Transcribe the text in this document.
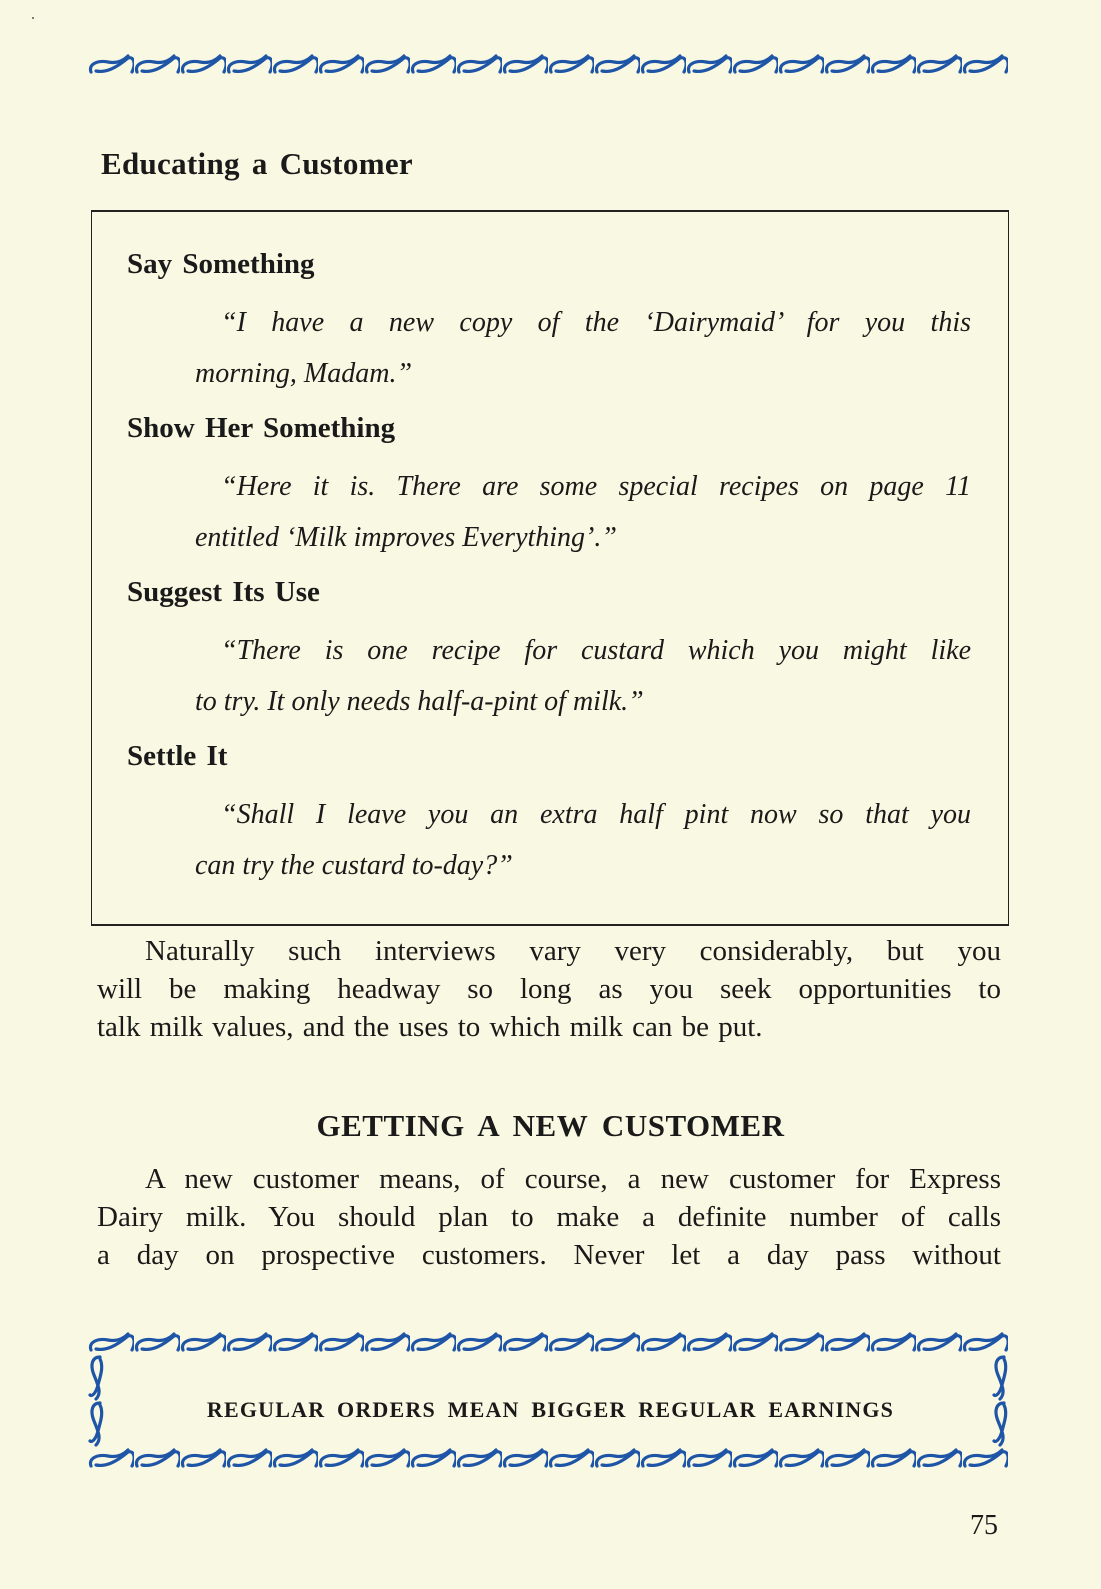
Educating a Customer
Say Something
“I have a new copy of the ‘Dairymaid’ for you this
morning, Madam.”
Show Her Something
“Here it is. There are some special recipes on page 11
entitled ‘Milk improves Everything’.”
Suggest Its Use
“There is one recipe for custard which you might like
to try. It only needs half-a-pint of milk.”
Settle It
“Shall I leave you an extra half pint now so that you
can try the custard to-day?”
Naturally such interviews vary very considerably, but you
will be making headway so long as you seek opportunities to
talk milk values, and the uses to which milk can be put.
GETTING A NEW CUSTOMER
A new customer means, of course, a new customer for Express
Dairy milk. You should plan to make a definite number of calls
a day on prospective customers. Never let a day pass without
REGULAR ORDERS MEAN BIGGER REGULAR EARNINGS
75
